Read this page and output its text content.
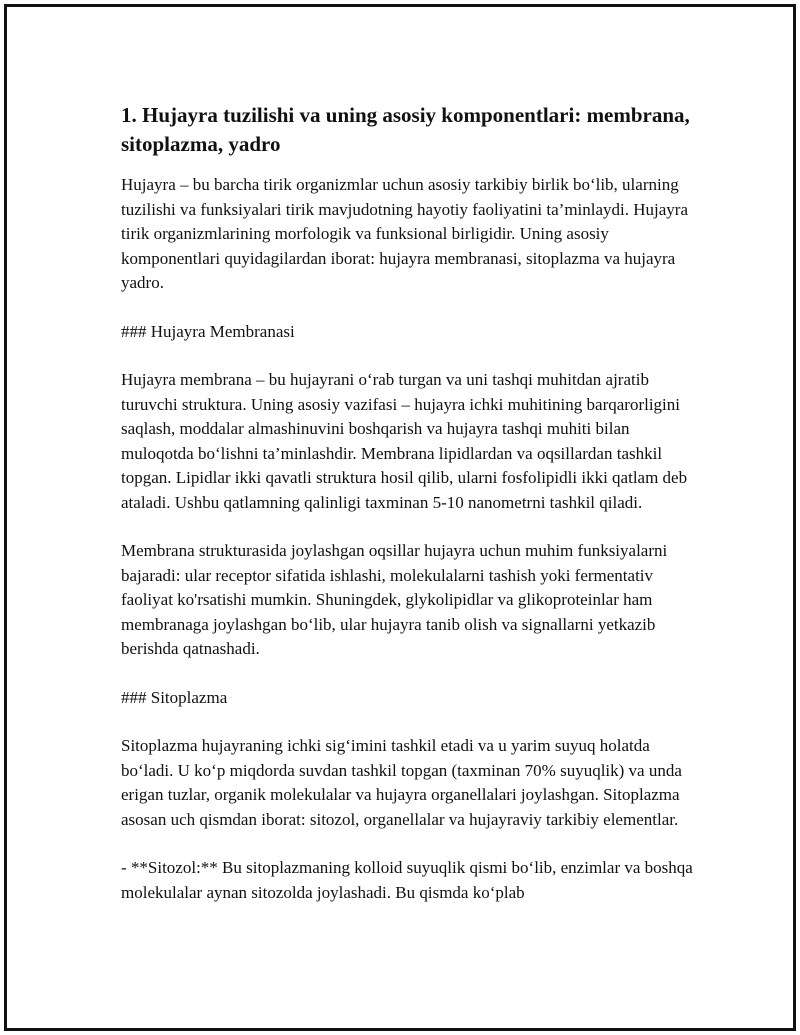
1. Hujayra tuzilishi va uning asosiy komponentlari: membrana, sitoplazma, yadro

Hujayra – bu barcha tirik organizmlar uchun asosiy tarkibiy birlik bo‘lib, ularning tuzilishi va funksiyalari tirik mavjudotning hayotiy faoliyatini ta’minlaydi. Hujayra tirik organizmlarining morfologik va funksional birligidir. Uning asosiy komponentlari quyidagilardan iborat: hujayra membranasi, sitoplazma va hujayra yadro.

### Hujayra Membranasi

Hujayra membrana – bu hujayrani o‘rab turgan va uni tashqi muhitdan ajratib turuvchi struktura. Uning asosiy vazifasi – hujayra ichki muhitining barqarorligini saqlash, moddalar almashinuvini boshqarish va hujayra tashqi muhiti bilan muloqotda bo‘lishni ta’minlashdir. Membrana lipidlardan va oqsillardan tashkil topgan. Lipidlar ikki qavatli struktura hosil qilib, ularni fosfolipidli ikki qatlam deb ataladi. Ushbu qatlamning qalinligi taxminan 5-10 nanometrni tashkil qiladi.

Membrana strukturasida joylashgan oqsillar hujayra uchun muhim funksiyalarni bajaradi: ular receptor sifatida ishlashi, molekulalarni tashish yoki fermentativ faoliyat ko'rsatishi mumkin. Shuningdek, glykolipidlar va glikoproteinlar ham membranaga joylashgan bo‘lib, ular hujayra tanib olish va signallarni yetkazib berishda qatnashadi.

### Sitoplazma

Sitoplazma hujayraning ichki sig‘imini tashkil etadi va u yarim suyuq holatda bo‘ladi. U ko‘p miqdorda suvdan tashkil topgan (taxminan 70% suyuqlik) va unda erigan tuzlar, organik molekulalar va hujayra organellalari joylashgan. Sitoplazma asosan uch qismdan iborat: sitozol, organellalar va hujayraviy tarkibiy elementlar.

- **Sitozol:** Bu sitoplazmaning kolloid suyuqlik qismi bo‘lib, enzimlar va boshqa molekulalar aynan sitozolda joylashadi. Bu qismda ko‘plab
